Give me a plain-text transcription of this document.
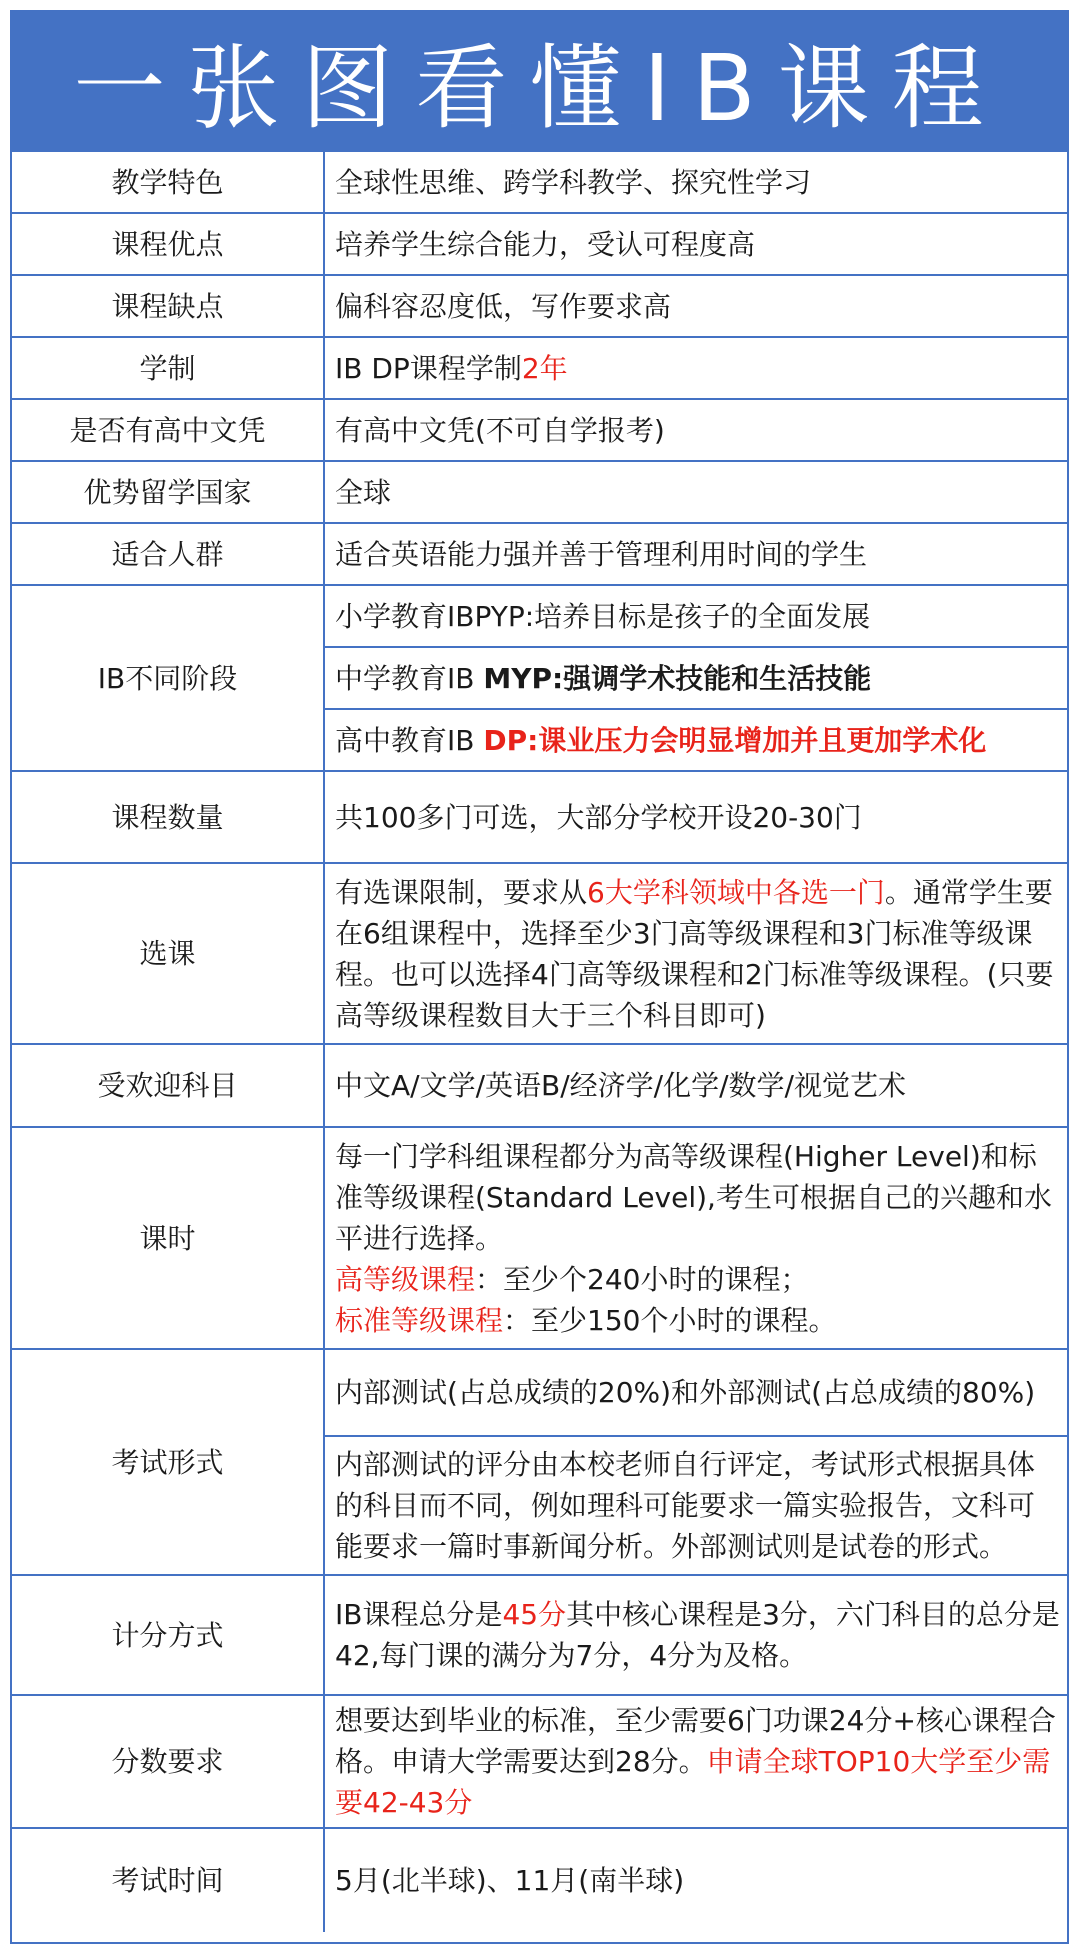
一张图看懂IB课程
教学特色	全球性思维、跨学科教学、探究性学习
课程优点	培养学生综合能力，受认可程度高
课程缺点	偏科容忍度低，写作要求高
学制	IB DP课程学制2年
是否有高中文凭	有高中文凭(不可自学报考)
优势留学国家	全球
适合人群	适合英语能力强并善于管理利用时间的学生
IB不同阶段	小学教育IBPYP:培养目标是孩子的全面发展
	中学教育IB MYP:强调学术技能和生活技能
	高中教育IB DP:课业压力会明显增加并且更加学术化
课程数量	共100多门可选，大部分学校开设20-30门
选课	有选课限制，要求从6大学科领域中各选一门。通常学生要在6组课程中，选择至少3门高等级课程和3门标准等级课程。也可以选择4门高等级课程和2门标准等级课程。(只要高等级课程数目大于三个科目即可)
受欢迎科目	中文A/文学/英语B/经济学/化学/数学/视觉艺术
课时	每一门学科组课程都分为高等级课程(Higher Level)和标准等级课程(Standard Level),考生可根据自己的兴趣和水平进行选择。
高等级课程：至少个240小时的课程；
标准等级课程：至少150个小时的课程。

考试形式	内部测试(占总成绩的20%)和外部测试(占总成绩的80%)
	内部测试的评分由本校老师自行评定，考试形式根据具体的科目而不同，例如理科可能要求一篇实验报告，文科可能要求一篇时事新闻分析。外部测试则是试卷的形式。
计分方式	IB课程总分是45分其中核心课程是3分，六门科目的总分是42,每门课的满分为7分，4分为及格。
分数要求	想要达到毕业的标准，至少需要6门功课24分+核心课程合格。申请大学需要达到28分。申请全球TOP10大学至少需要42-43分
考试时间	5月(北半球)、11月(南半球)
